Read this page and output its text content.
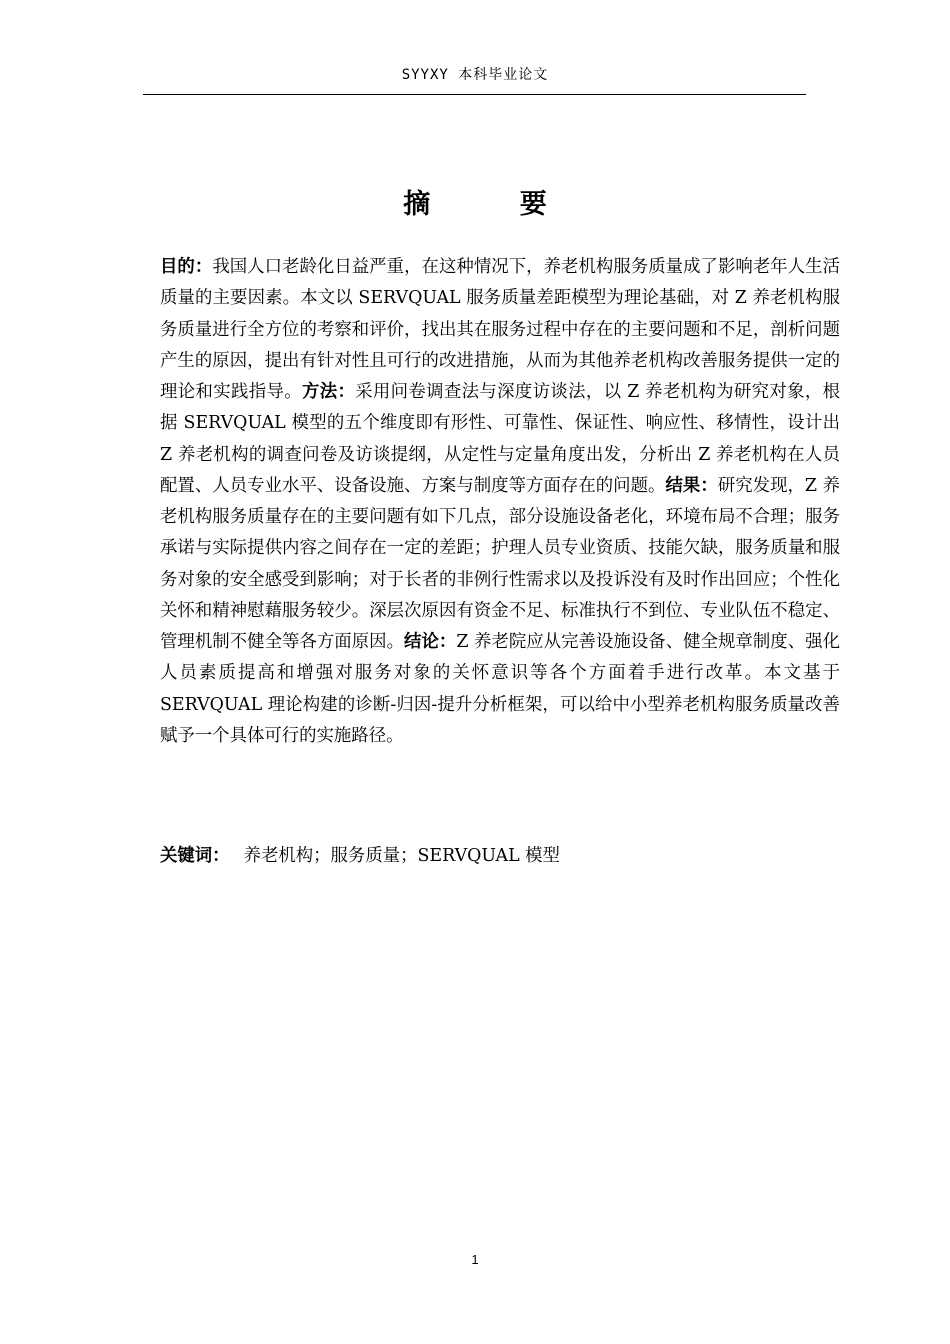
SYYXY 本科毕业论文
摘 要

目的：我国人口老龄化日益严重，在这种情况下，养老机构服务质量成了影响老年人生活质量的主要因素。本文以 SERVQUAL 服务质量差距模型为理论基础，对 Z 养老机构服务质量进行全方位的考察和评价，找出其在服务过程中存在的主要问题和不足，剖析问题产生的原因，提出有针对性且可行的改进措施，从而为其他养老机构改善服务提供一定的理论和实践指导。方法：采用问卷调查法与深度访谈法，以 Z 养老机构为研究对象，根据 SERVQUAL 模型的五个维度即有形性、可靠性、保证性、响应性、移情性，设计出 Z 养老机构的调查问卷及访谈提纲，从定性与定量角度出发，分析出 Z 养老机构在人员配置、人员专业水平、设备设施、方案与制度等方面存在的问题。结果：研究发现，Z 养老机构服务质量存在的主要问题有如下几点，部分设施设备老化，环境布局不合理；服务承诺与实际提供内容之间存在一定的差距；护理人员专业资质、技能欠缺，服务质量和服务对象的安全感受到影响；对于长者的非例行性需求以及投诉没有及时作出回应；个性化关怀和精神慰藉服务较少。深层次原因有资金不足、标准执行不到位、专业队伍不稳定、管理机制不健全等各方面原因。结论：Z 养老院应从完善设施设备、健全规章制度、强化人员素质提高和增强对服务对象的关怀意识等各个方面着手进行改革。本文基于 SERVQUAL 理论构建的诊断-归因-提升分析框架，可以给中小型养老机构服务质量改善赋予一个具体可行的实施路径。

关键词： 养老机构；服务质量；SERVQUAL 模型

1
